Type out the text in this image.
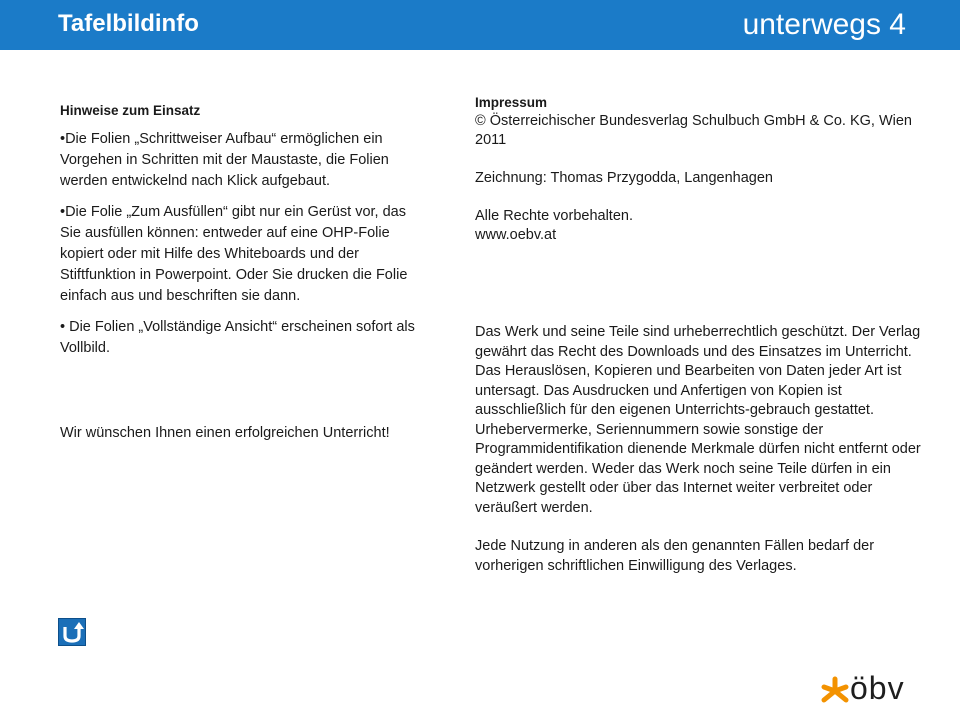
Tafelbildinfo	unterwegs 4
Hinweise zum Einsatz

•Die Folien „Schrittweiser Aufbau“ ermöglichen ein Vorgehen in Schritten mit der Maustaste, die Folien werden entwickelnd nach Klick aufgebaut.

•Die Folie „Zum Ausfüllen“ gibt nur ein Gerüst vor, das Sie ausfüllen können: entweder auf eine OHP-Folie kopiert oder mit Hilfe des Whiteboards und der Stiftfunktion in Powerpoint. Oder Sie drucken die Folie einfach aus und beschriften sie dann.

• Die Folien „Vollständige Ansicht“ erscheinen sofort als Vollbild.

Wir wünschen Ihnen einen erfolgreichen Unterricht!
Impressum
© Österreichischer Bundesverlag Schulbuch GmbH & Co. KG, Wien 2011
Zeichnung: Thomas Przygodda, Langenhagen
Alle Rechte vorbehalten.
www.oebv.at

Das Werk und seine Teile sind urheberrechtlich geschützt. Der Verlag gewährt das Recht des Downloads und des Einsatzes im Unterricht. Das Herauslösen, Kopieren und Bearbeiten von Daten jeder Art ist untersagt. Das Ausdrucken und Anfertigen von Kopien ist ausschließlich für den eigenen Unterrichts-gebrauch gestattet. Urhebervermerke, Seriennummern sowie sonstige der Programmidentifikation dienende Merkmale dürfen nicht entfernt oder geändert werden. Weder das Werk noch seine Teile dürfen in ein Netzwerk gestellt oder über das Internet weiter verbreitet oder veräußert werden.

Jede Nutzung in anderen als den genannten Fällen bedarf der vorherigen schriftlichen Einwilligung des Verlages.

öbv
